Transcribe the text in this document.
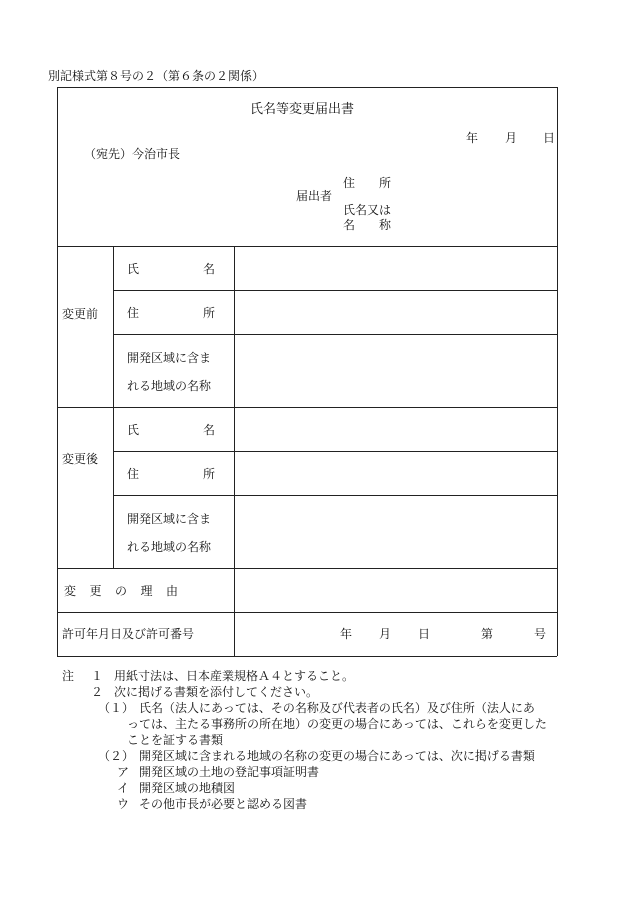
別記様式第８号の２（第６条の２関係）
氏名等変更届出書
年 月 日
（宛先）今治市長
住 所
届出者
氏名又は
名 称
変更前
氏	名
住	所
開発区域に含ま
れる地域の名称
変更後
氏	名
住	所
開発区域に含ま
れる地域の名称
変 更 の 理 由
許可年月日及び許可番号	年 月 日	第	号
注 １ 用紙寸法は、日本産業規格Ａ４とすること。
２ 次に掲げる書類を添付してください。
（１） 氏名（法人にあっては、その名称及び代表者の氏名）及び住所（法人にあ
っては、主たる事務所の所在地）の変更の場合にあっては、これらを変更した
ことを証する書類
（２） 開発区域に含まれる地域の名称の変更の場合にあっては、次に掲げる書類
ア 開発区域の土地の登記事項証明書
イ 開発区域の地積図
ウ その他市長が必要と認める図書
